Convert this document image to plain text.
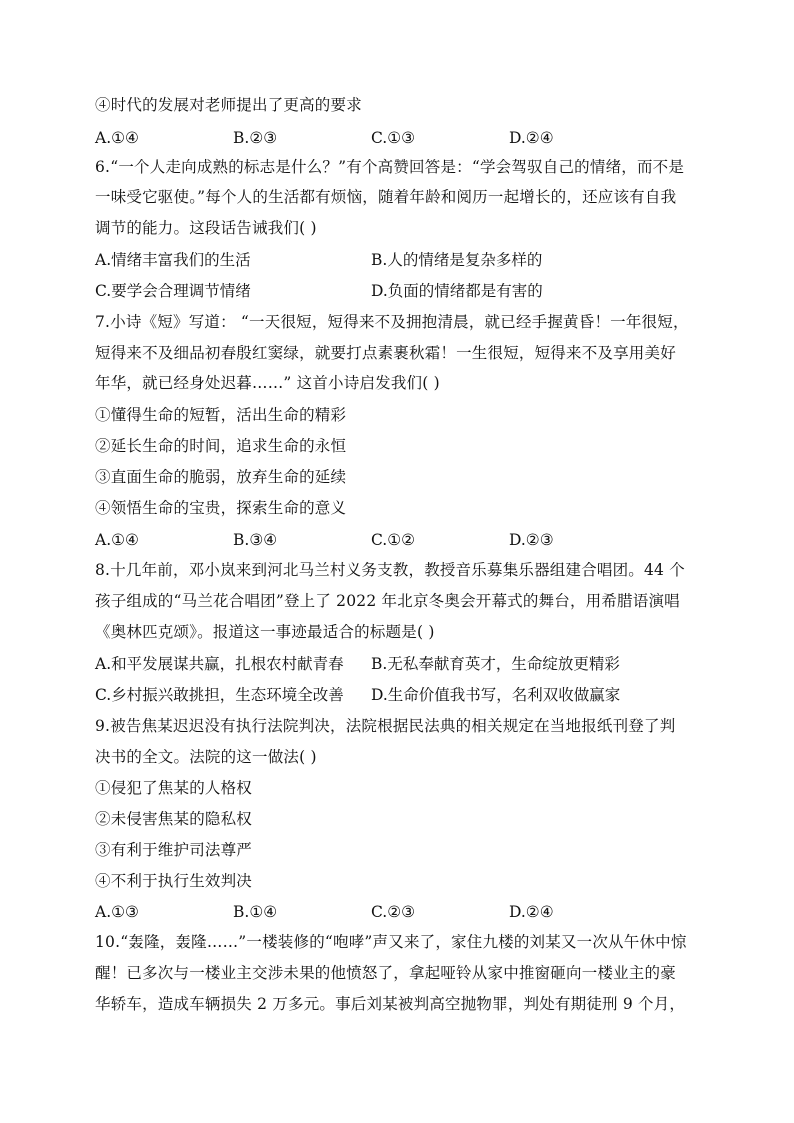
④时代的发展对老师提出了更高的要求
A.①④	B.②③	C.①③	D.②④
6.“一个人走向成熟的标志是什么？”有个高赞回答是：“学会驾驭自己的情绪，而不是
一味受它驱使。”每个人的生活都有烦恼，随着年龄和阅历一起增长的，还应该有自我
调节的能力。这段话告诫我们( )
A.情绪丰富我们的生活	B.人的情绪是复杂多样的
C.要学会合理调节情绪	D.负面的情绪都是有害的
7.小诗《短》写道： “一天很短，短得来不及拥抱清晨，就已经手握黄昏！一年很短，
短得来不及细品初春殷红窦绿，就要打点素裹秋霜！一生很短，短得来不及享用美好
年华，就已经身处迟暮……” 这首小诗启发我们( )
①懂得生命的短暂，活出生命的精彩
②延长生命的时间，追求生命的永恒
③直面生命的脆弱，放弃生命的延续
④领悟生命的宝贵，探索生命的意义
A.①④	B.③④	C.①②	D.②③
8.十几年前，邓小岚来到河北马兰村义务支教，教授音乐募集乐器组建合唱团。44 个
孩子组成的“马兰花合唱团”登上了 2022 年北京冬奥会开幕式的舞台，用希腊语演唱
《奥林匹克颂》。报道这一事迹最适合的标题是( )
A.和平发展谋共赢，扎根农村献青春 B.无私奉献育英才，生命绽放更精彩
C.乡村振兴敢挑担，生态环境全改善 D.生命价值我书写，名利双收做赢家
9.被告焦某迟迟没有执行法院判决，法院根据民法典的相关规定在当地报纸刊登了判
决书的全文。法院的这一做法( )
①侵犯了焦某的人格权
②未侵害焦某的隐私权
③有利于维护司法尊严
④不利于执行生效判决
A.①③	B.①④	C.②③	D.②④
10.“轰隆，轰隆……”一楼装修的“咆哮”声又来了，家住九楼的刘某又一次从午休中惊
醒！已多次与一楼业主交涉未果的他愤怒了，拿起哑铃从家中推窗砸向一楼业主的豪
华轿车，造成车辆损失 2 万多元。事后刘某被判高空抛物罪，判处有期徒刑 9 个月，
